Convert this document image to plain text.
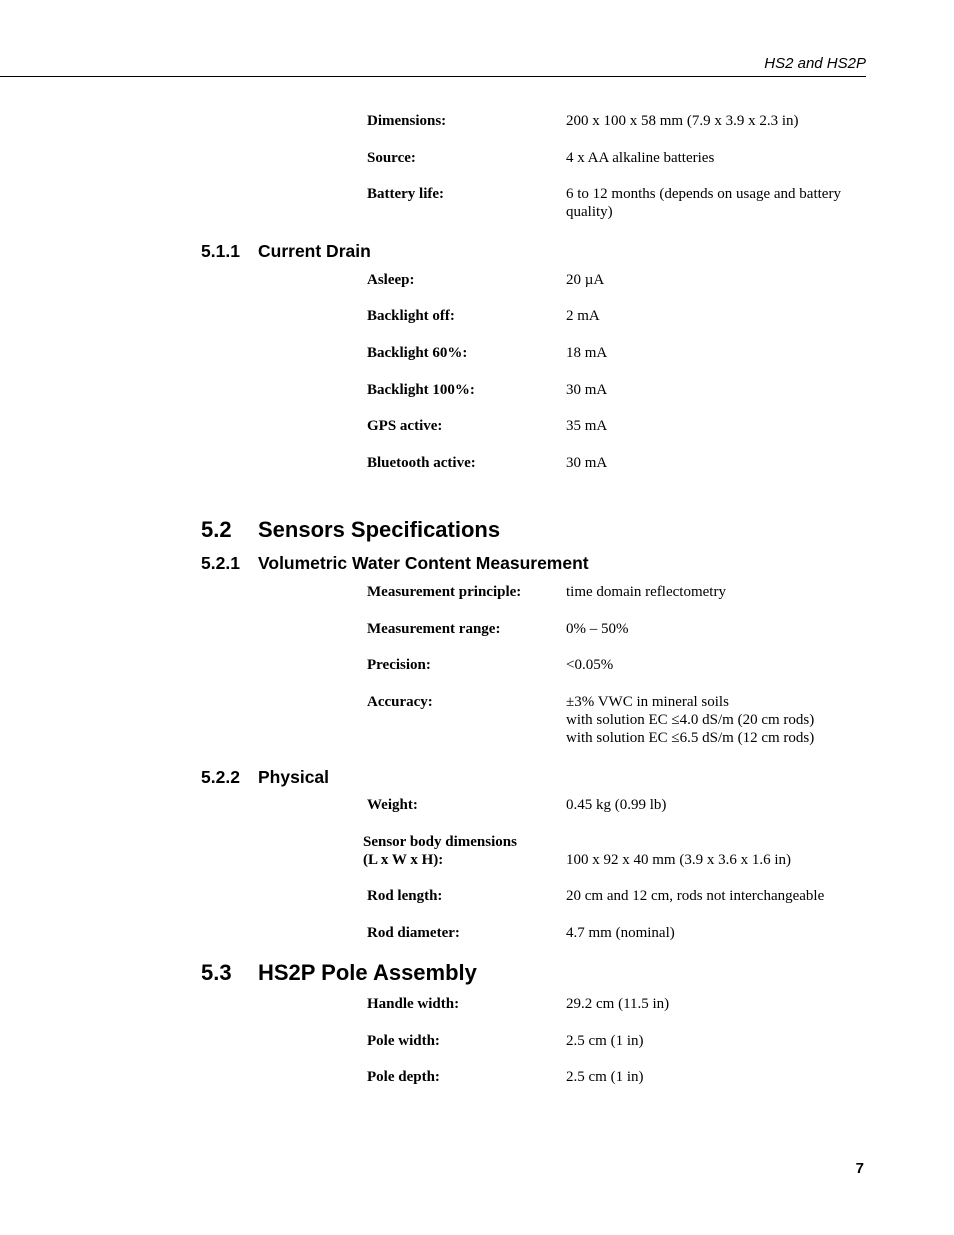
HS2 and HS2P
Dimensions:	200 x 100 x 58 mm (7.9 x 3.9 x 2.3 in)
Source:	4 x AA alkaline batteries
Battery life:	6 to 12 months (depends on usage and battery quality)
5.1.1 Current Drain
Asleep:	20 µA
Backlight off:	2 mA
Backlight 60%:	18 mA
Backlight 100%:	30 mA
GPS active:	35 mA
Bluetooth active:	30 mA
5.2 Sensors Specifications
5.2.1 Volumetric Water Content Measurement
Measurement principle:	time domain reflectometry
Measurement range:	0% – 50%
Precision:	<0.05%
Accuracy:	±3% VWC in mineral soils
with solution EC ≤4.0 dS/m (20 cm rods)
with solution EC ≤6.5 dS/m (12 cm rods)
5.2.2 Physical
Weight:	0.45 kg (0.99 lb)
Sensor body dimensions
(L x W x H):	100 x 92 x 40 mm (3.9 x 3.6 x 1.6 in)
Rod length:	20 cm and 12 cm, rods not interchangeable
Rod diameter:	4.7 mm (nominal)
5.3 HS2P Pole Assembly
Handle width:	29.2 cm (11.5 in)
Pole width:	2.5 cm (1 in)
Pole depth:	2.5 cm (1 in)
7
